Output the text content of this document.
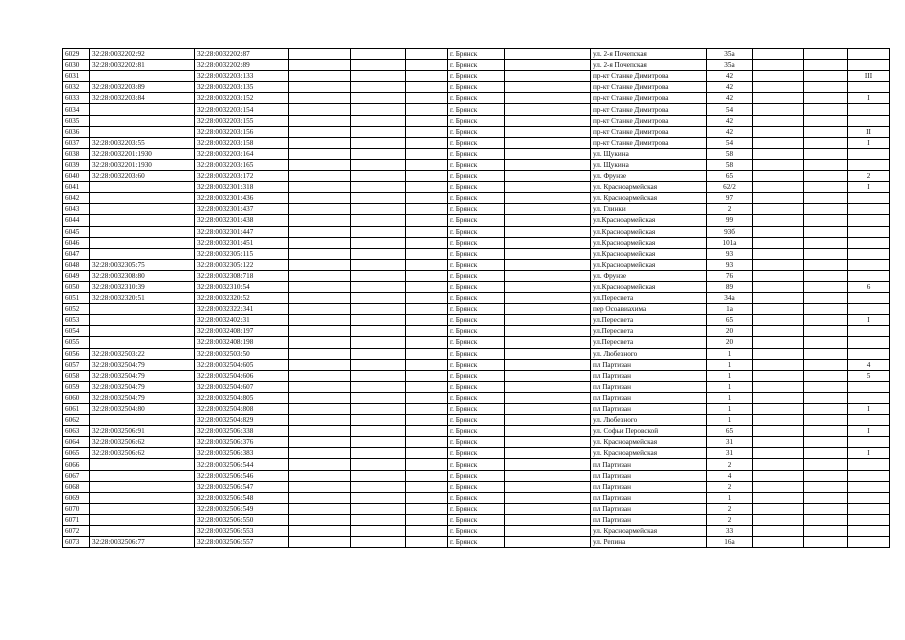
6029	32:28:0032202:92	32:28:0032202:87				г. Брянск		ул. 2-я Почепская	35а			
6030	32:28:0032202:81	32:28:0032202:89				г. Брянск		ул. 2-я Почепская	35а			
6031		32:28:0032203:133				г. Брянск		пр-кт Станке Димитрова	42			III
6032	32:28:0032203:89	32:28:0032203:135				г. Брянск		пр-кт Станке Димитрова	42			
6033	32:28:0032203:84	32:28:0032203:152				г. Брянск		пр-кт Станке Димитрова	42			I
6034		32:28:0032203:154				г. Брянск		пр-кт Станке Димитрова	54			
6035		32:28:0032203:155				г. Брянск		пр-кт Станке Димитрова	42			
6036		32:28:0032203:156				г. Брянск		пр-кт Станке Димитрова	42			II
6037	32:28:0032203:55	32:28:0032203:158				г. Брянск		пр-кт Станке Димитрова	54			I
6038	32:28:0032201:1930	32:28:0032203:164				г. Брянск		ул. Щукина	58			
6039	32:28:0032201:1930	32:28:0032203:165				г. Брянск		ул. Щукина	58			
6040	32:28:0032203:60	32:28:0032203:172				г. Брянск		ул. Фрунзе	65			2
6041		32:28:0032301:318				г. Брянск		ул. Красноармейская	62/2			I
6042		32:28:0032301:436				г. Брянск		ул. Красноармейская	97			
6043		32:28:0032301:437				г. Брянск		ул. Глинки	2			
6044		32:28:0032301:438				г. Брянск		ул.Красноармейская	99			
6045		32:28:0032301:447				г. Брянск		ул.Красноармейская	93б			
6046		32:28:0032301:451				г. Брянск		ул.Красноармейская	101а			
6047		32:28:0032305:115				г. Брянск		ул.Красноармейская	93			
6048	32:28:0032305:75	32:28:0032305:122				г. Брянск		ул.Красноармейская	93			
6049	32:28:0032308:80	32:28:0032308:718				г. Брянск		ул. Фрунзе	76			
6050	32:28:0032310:39	32:28:0032310:54				г. Брянск		ул.Красноармейская	89			6
6051	32:28:0032320:51	32:28:0032320:52				г. Брянск		ул.Пересвета	34а			
6052		32:28:0032322:341				г. Брянск		пер Осоавиахима	1а			
6053		32:28:0032402:31				г. Брянск		ул.Пересвета	65			I
6054		32:28:0032408:197				г. Брянск		ул.Пересвета	20			
6055		32:28:0032408:198				г. Брянск		ул.Пересвета	20			
6056	32:28:0032503:22	32:28:0032503:50				г. Брянск		ул. Любезного	1			
6057	32:28:0032504:79	32:28:0032504:605				г. Брянск		пл Партизан	1			4
6058	32:28:0032504:79	32:28:0032504:606				г. Брянск		пл Партизан	1			5
6059	32:28:0032504:79	32:28:0032504:607				г. Брянск		пл Партизан	1			
6060	32:28:0032504:79	32:28:0032504:805				г. Брянск		пл Партизан	1			
6061	32:28:0032504:80	32:28:0032504:808				г. Брянск		пл Партизан	1			I
6062		32:28:0032504:829				г. Брянск		ул. Любезного	1			
6063	32:28:0032506:91	32:28:0032506:338				г. Брянск		ул. Софьи Перовской	65			I
6064	32:28:0032506:62	32:28:0032506:376				г. Брянск		ул. Красноармейская	31			
6065	32:28:0032506:62	32:28:0032506:383				г. Брянск		ул. Красноармейская	31			I
6066		32:28:0032506:544				г. Брянск		пл Партизан	2			
6067		32:28:0032506:546				г. Брянск		пл Партизан	4			
6068		32:28:0032506:547				г. Брянск		пл Партизан	2			
6069		32:28:0032506:548				г. Брянск		пл Партизан	1			
6070		32:28:0032506:549				г. Брянск		пл Партизан	2			
6071		32:28:0032506:550				г. Брянск		пл Партизан	2			
6072		32:28:0032506:553				г. Брянск		ул. Красноармейская	33			
6073	32:28:0032506:77	32:28:0032506:557				г. Брянск		ул. Репина	16а			
